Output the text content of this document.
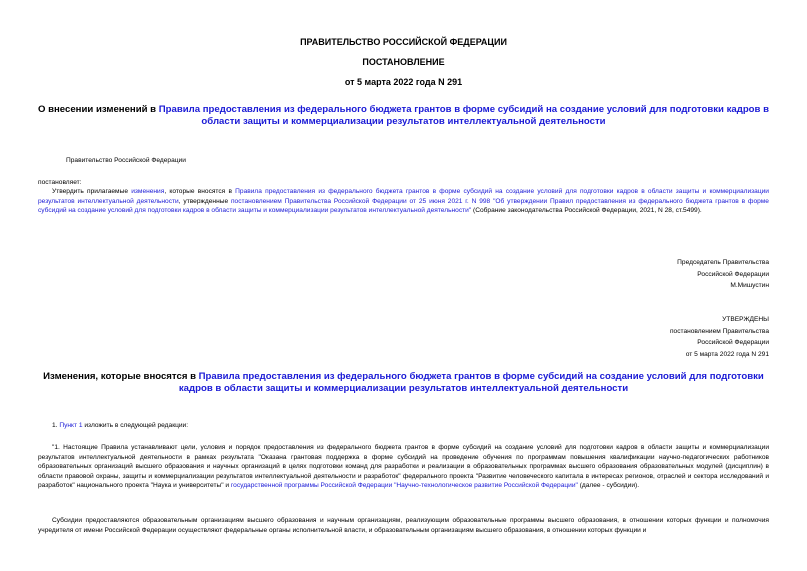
ПРАВИТЕЛЬСТВО РОССИЙСКОЙ ФЕДЕРАЦИИ
ПОСТАНОВЛЕНИЕ
от 5 марта 2022 года N 291
О внесении изменений в Правила предоставления из федерального бюджета грантов в форме субсидий на создание условий для подготовки кадров в области защиты и коммерциализации результатов интеллектуальной деятельности
Правительство Российской Федерации
постановляет:
Утвердить прилагаемые изменения, которые вносятся в Правила предоставления из федерального бюджета грантов в форме субсидий на создание условий для подготовки кадров в области защиты и коммерциализации результатов интеллектуальной деятельности, утвержденные постановлением Правительства Российской Федерации от 25 июня 2021 г. N 998 "Об утверждении Правил предоставления из федерального бюджета грантов в форме субсидий на создание условий для подготовки кадров в области защиты и коммерциализации результатов интеллектуальной деятельности" (Собрание законодательства Российской Федерации, 2021, N 28, ст.5499).
Председатель Правительства
Российской Федерации
М.Мишустин
УТВЕРЖДЕНЫ
постановлением Правительства
Российской Федерации
от 5 марта 2022 года N 291
Изменения, которые вносятся в Правила предоставления из федерального бюджета грантов в форме субсидий на создание условий для подготовки кадров в области защиты и коммерциализации результатов интеллектуальной деятельности
1. Пункт 1 изложить в следующей редакции:
"1. Настоящие Правила устанавливают цели, условия и порядок предоставления из федерального бюджета грантов в форме субсидий на создание условий для подготовки кадров в области защиты и коммерциализации результатов интеллектуальной деятельности в рамках результата "Оказана грантовая поддержка в форме субсидий на проведение обучения по программам повышения квалификации научно-педагогических работников образовательных организаций высшего образования и научных организаций в целях подготовки команд для разработки и реализации в образовательных программах высшего образования образовательных модулей (дисциплин) в области правовой охраны, защиты и коммерциализации результатов интеллектуальной деятельности и разработок" федерального проекта "Развитие человеческого капитала в интересах регионов, отраслей и сектора исследований и разработок" национального проекта "Наука и университеты" и государственной программы Российской Федерации "Научно-технологическое развитие Российской Федерации" (далее - субсидии).
Субсидии предоставляются образовательным организациям высшего образования и научным организациям, реализующим образовательные программы высшего образования, в отношении которых функции и полномочия учредителя от имени Российской Федерации осуществляют федеральные органы исполнительной власти, и образовательным организациям высшего образования, в отношении которых функции и
